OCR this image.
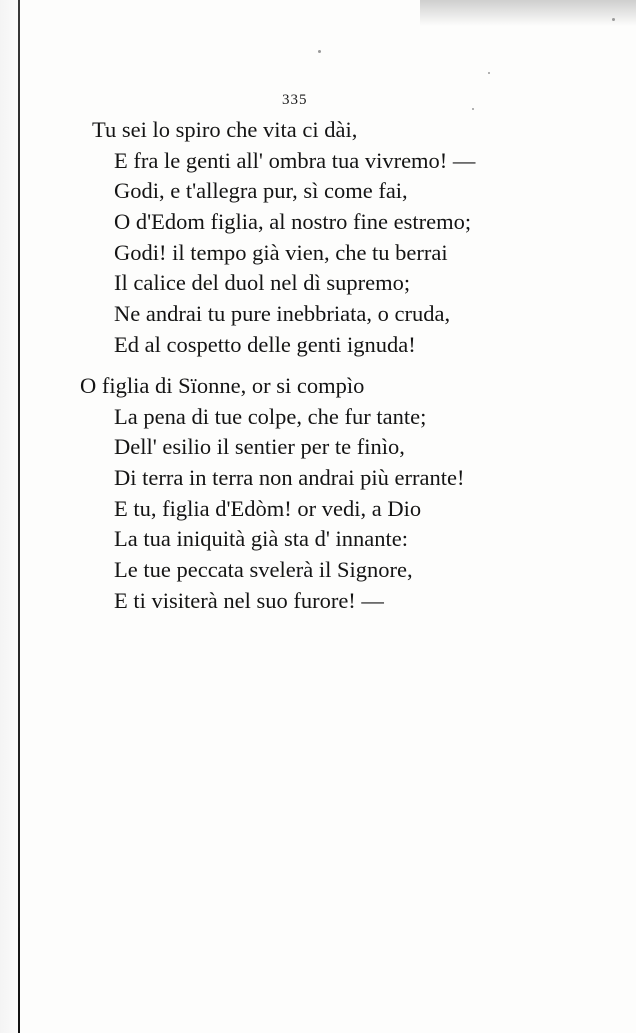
335
Tu sei lo spiro che vita ci dài,
E fra le genti all' ombra tua vivremo! —
Godi, e t'allegra pur, sì come fai,
O d'Edom figlia, al nostro fine estremo;
Godi! il tempo già vien, che tu berrai
Il calice del duol nel dì supremo;
Ne andrai tu pure inebbriata, o cruda,
Ed al cospetto delle genti ignuda!
O figlia di Sïonne, or si compìo
La pena di tue colpe, che fur tante;
Dell' esilio il sentier per te finìo,
Di terra in terra non andrai più errante!
E tu, figlia d'Edòm! or vedi, a Dio
La tua iniquità già sta d' innante:
Le tue peccata svelerà il Signore,
E ti visiterà nel suo furore! —
